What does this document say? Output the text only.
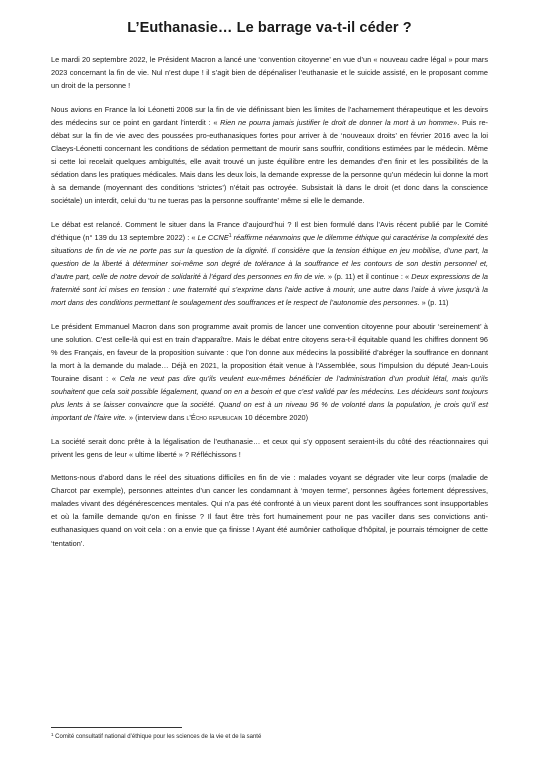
L’Euthanasie… Le barrage va-t-il céder ?

Le mardi 20 septembre 2022, le Président Macron a lancé une ‘convention citoyenne’ en vue d’un « nouveau cadre légal » pour mars 2023 concernant la fin de vie. Nul n’est dupe ! il s’agit bien de dépénaliser l’euthanasie et le suicide assisté, en le proposant comme un droit de la personne !

Nous avions en France la loi Léonetti 2008 sur la fin de vie définissant bien les limites de l’acharnement thérapeutique et les devoirs des médecins sur ce point en gardant l’interdit : « Rien ne pourra jamais justifier le droit de donner la mort à un homme». Puis re- débat sur la fin de vie avec des poussées pro-euthanasiques fortes pour arriver à de ‘nouveaux droits’ en février 2016 avec la loi Claeys-Léonetti concernant les conditions de sédation permettant de mourir sans souffrir, conditions estimées par le médecin. Même si cette loi recelait quelques ambiguïtés, elle avait trouvé un juste équilibre entre les demandes d’en finir et les possibilités de la sédation dans les pratiques médicales. Mais dans les deux lois, la demande expresse de la personne qu’un médecin lui donne la mort à sa demande (moyennant des conditions ‘strictes’) n’était pas octroyée. Subsistait là dans le droit (et donc dans la conscience sociétale) un interdit, celui du ‘tu ne tueras pas la personne souffrante’ même si elle le demande.

Le débat est relancé. Comment le situer dans la France d’aujourd’hui ? Il est bien formulé dans l’Avis récent publié par le Comité d’éthique (n° 139 du 13 septembre 2022) : « Le CCNE$^1$ réaffirme néanmoins que le dilemme éthique qui caractérise la complexité des situations de fin de vie ne porte pas sur la question de la dignité. Il considère que la tension éthique en jeu mobilise, d’une part, la question de la liberté à déterminer soi-même son degré de tolérance à la souffrance et les contours de son destin personnel et, d’autre part, celle de notre devoir de solidarité à l’égard des personnes en fin de vie. » (p. 11) et il continue : « Deux expressions de la fraternité sont ici mises en tension : une fraternité qui s’exprime dans l’aide active à mourir, une autre dans l’aide à vivre jusqu’à la mort dans des conditions permettant le soulagement des souffrances et le respect de l’autonomie des personnes. » (p. 11)

Le président Emmanuel Macron dans son programme avait promis de lancer une convention citoyenne pour aboutir ‘sereinement’ à une solution. C’est celle-là qui est en train d’apparaître. Mais le débat entre citoyens sera-t-il équitable quand les chiffres donnent 96 % des Français, en faveur de la proposition suivante : que l’on donne aux médecins la possibilité d’abréger la souffrance en donnant la mort à la demande du malade… Déjà en 2021, la proposition était venue à l’Assemblée, sous l’impulsion du député Jean-Louis Touraine disant : « Cela ne veut pas dire qu’ils veulent eux-mêmes bénéficier de l’administration d’un produit létal, mais qu’ils souhaitent que cela soit possible légalement, quand on en a besoin et que c’est validé par les médecins. Les décideurs sont toujours plus lents à se laisser convaincre que la société. Quand on est à un niveau 96 % de volonté dans la population, je crois qu’il est important de l’faire vite. » (interview dans l’Écho republicain 10 décembre 2020)

La société serait donc prête à la légalisation de l’euthanasie… et ceux qui s’y opposent seraient-ils du côté des réactionnaires qui privent les gens de leur « ultime liberté » ? Réfléchissons !

Mettons-nous d’abord dans le réel des situations difficiles en fin de vie : malades voyant se dégrader vite leur corps (maladie de Charcot par exemple), personnes atteintes d’un cancer les condamnant à ‘moyen terme’, personnes âgées fortement dépressives, malades vivant des dégénérescences mentales. Qui n’a pas été confronté à un vieux parent dont les souffrances sont insupportables et où la famille demande qu’on en finisse ? Il faut être très fort humainement pour ne pas vaciller dans ses convictions anti-euthanasiques quand on voit cela : on a envie que ça finisse ! Ayant été aumônier catholique d’hôpital, je pourrais témoigner de cette ‘tentation’.

$^1$ Comité consultatif national d’éthique pour les sciences de la vie et de la santé
